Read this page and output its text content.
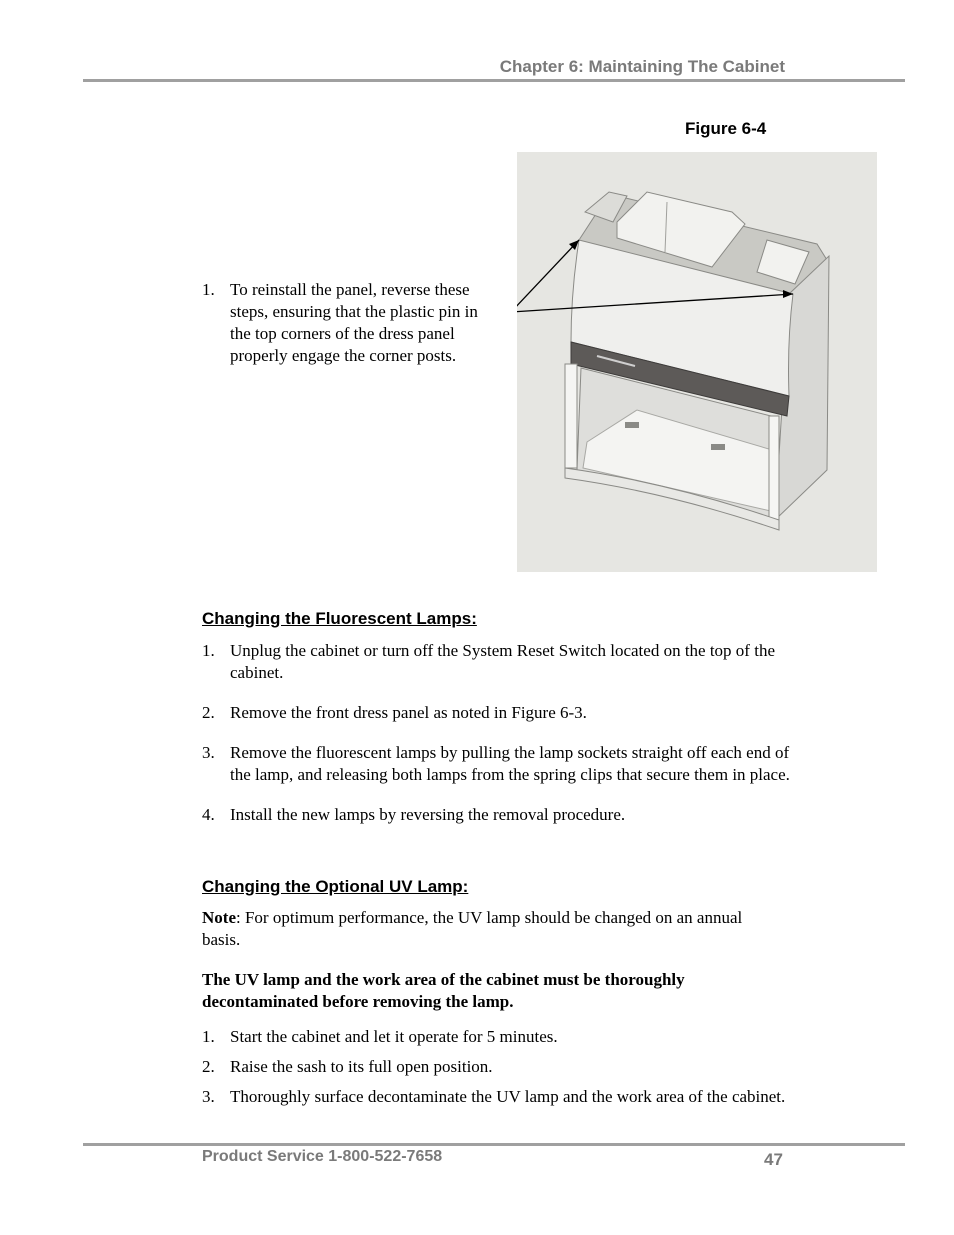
Chapter 6: Maintaining The Cabinet
Figure 6-4
1. To reinstall the panel, reverse these steps, ensuring that the plastic pin in the top corners of the dress panel properly engage the corner posts.
Changing the Fluorescent Lamps:
1. Unplug the cabinet or turn off the System Reset Switch located on the top of the cabinet.
2. Remove the front dress panel as noted in Figure 6-3.
3. Remove the fluorescent lamps by pulling the lamp sockets straight off each end of the lamp, and releasing both lamps from the spring clips that secure them in place.
4. Install the new lamps by reversing the removal procedure.
Changing the Optional UV Lamp:
Note: For optimum performance, the UV lamp should be changed on an annual basis.
The UV lamp and the work area of the cabinet must be thoroughly decontaminated before removing the lamp.
1. Start the cabinet and let it operate for 5 minutes.
2. Raise the sash to its full open position.
3. Thoroughly surface decontaminate the UV lamp and the work area of the cabinet.
Product Service 1-800-522-7658	47
